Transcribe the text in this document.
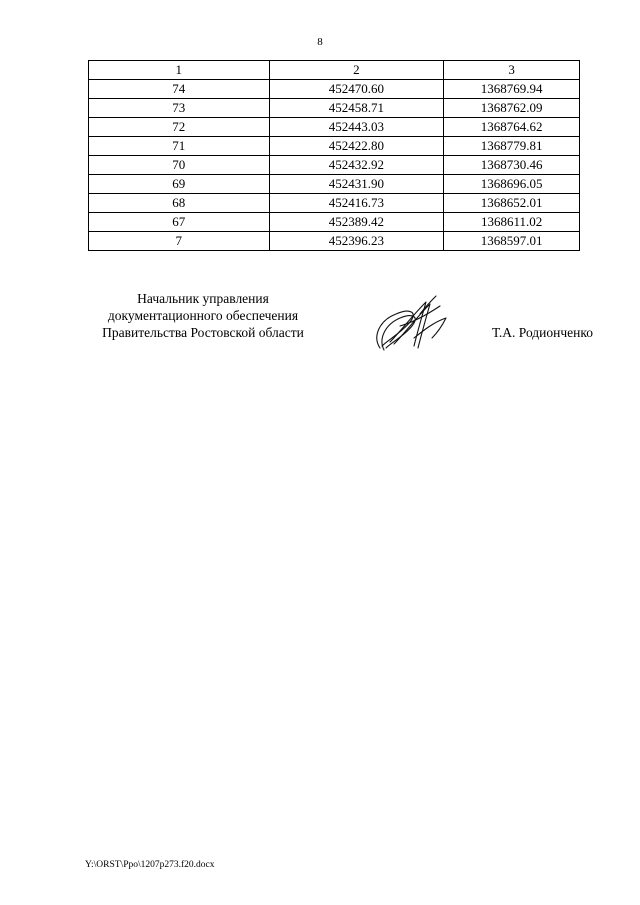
8
1	2	3
74	452470.60	1368769.94
73	452458.71	1368762.09
72	452443.03	1368764.62
71	452422.80	1368779.81
70	452432.92	1368730.46
69	452431.90	1368696.05
68	452416.73	1368652.01
67	452389.42	1368611.02
7	452396.23	1368597.01
Начальник управления
документационного обеспечения
Правительства Ростовской области	Т.А. Родионченко
Y:\ORST\Ppo\1207p273.f20.docx
